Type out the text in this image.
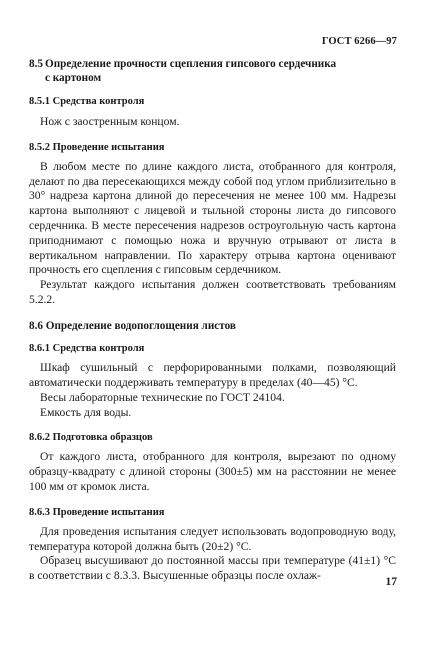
ГОСТ 6266—97
8.5 Определение прочности сцепления гипсового сердечника
с картоном
8.5.1 Средства контроля

Нож с заостренным концом.

8.5.2 Проведение испытания

В любом месте по длине каждого листа, отобранного для контроля, делают по два пересекающихся между собой под углом приблизительно в 30° надреза картона длиной до пересечения не менее 100 мм. Надрезы картона выполняют с лицевой и тыльной стороны листа до гипсового сердечника. В месте пересечения надрезов остроугольную часть картона приподнимают с помощью ножа и вручную отрывают от листа в вертикальном направлении. По характеру отрыва картона оценивают прочность его сцепления с гипсовым сердечником.

Результат каждого испытания должен соответствовать требованиям 5.2.2.

8.6 Определение водопоглощения листов
8.6.1 Средства контроля

Шкаф сушильный с перфорированными полками, позволяющий автоматически поддерживать температуру в пределах (40—45) °С.

Весы лабораторные технические по ГОСТ 24104.

Емкость для воды.

8.6.2 Подготовка образцов

От каждого листа, отобранного для контроля, вырезают по одному образцу-квадрату с длиной стороны (300±5) мм на расстоянии не менее 100 мм от кромок листа.

8.6.3 Проведение испытания

Для проведения испытания следует использовать водопроводную воду, температура которой должна быть (20±2) °С.

Образец высушивают до постоянной массы при температуре (41±1) °С в соответствии с 8.3.3. Высушенные образцы после охлаж-	17
